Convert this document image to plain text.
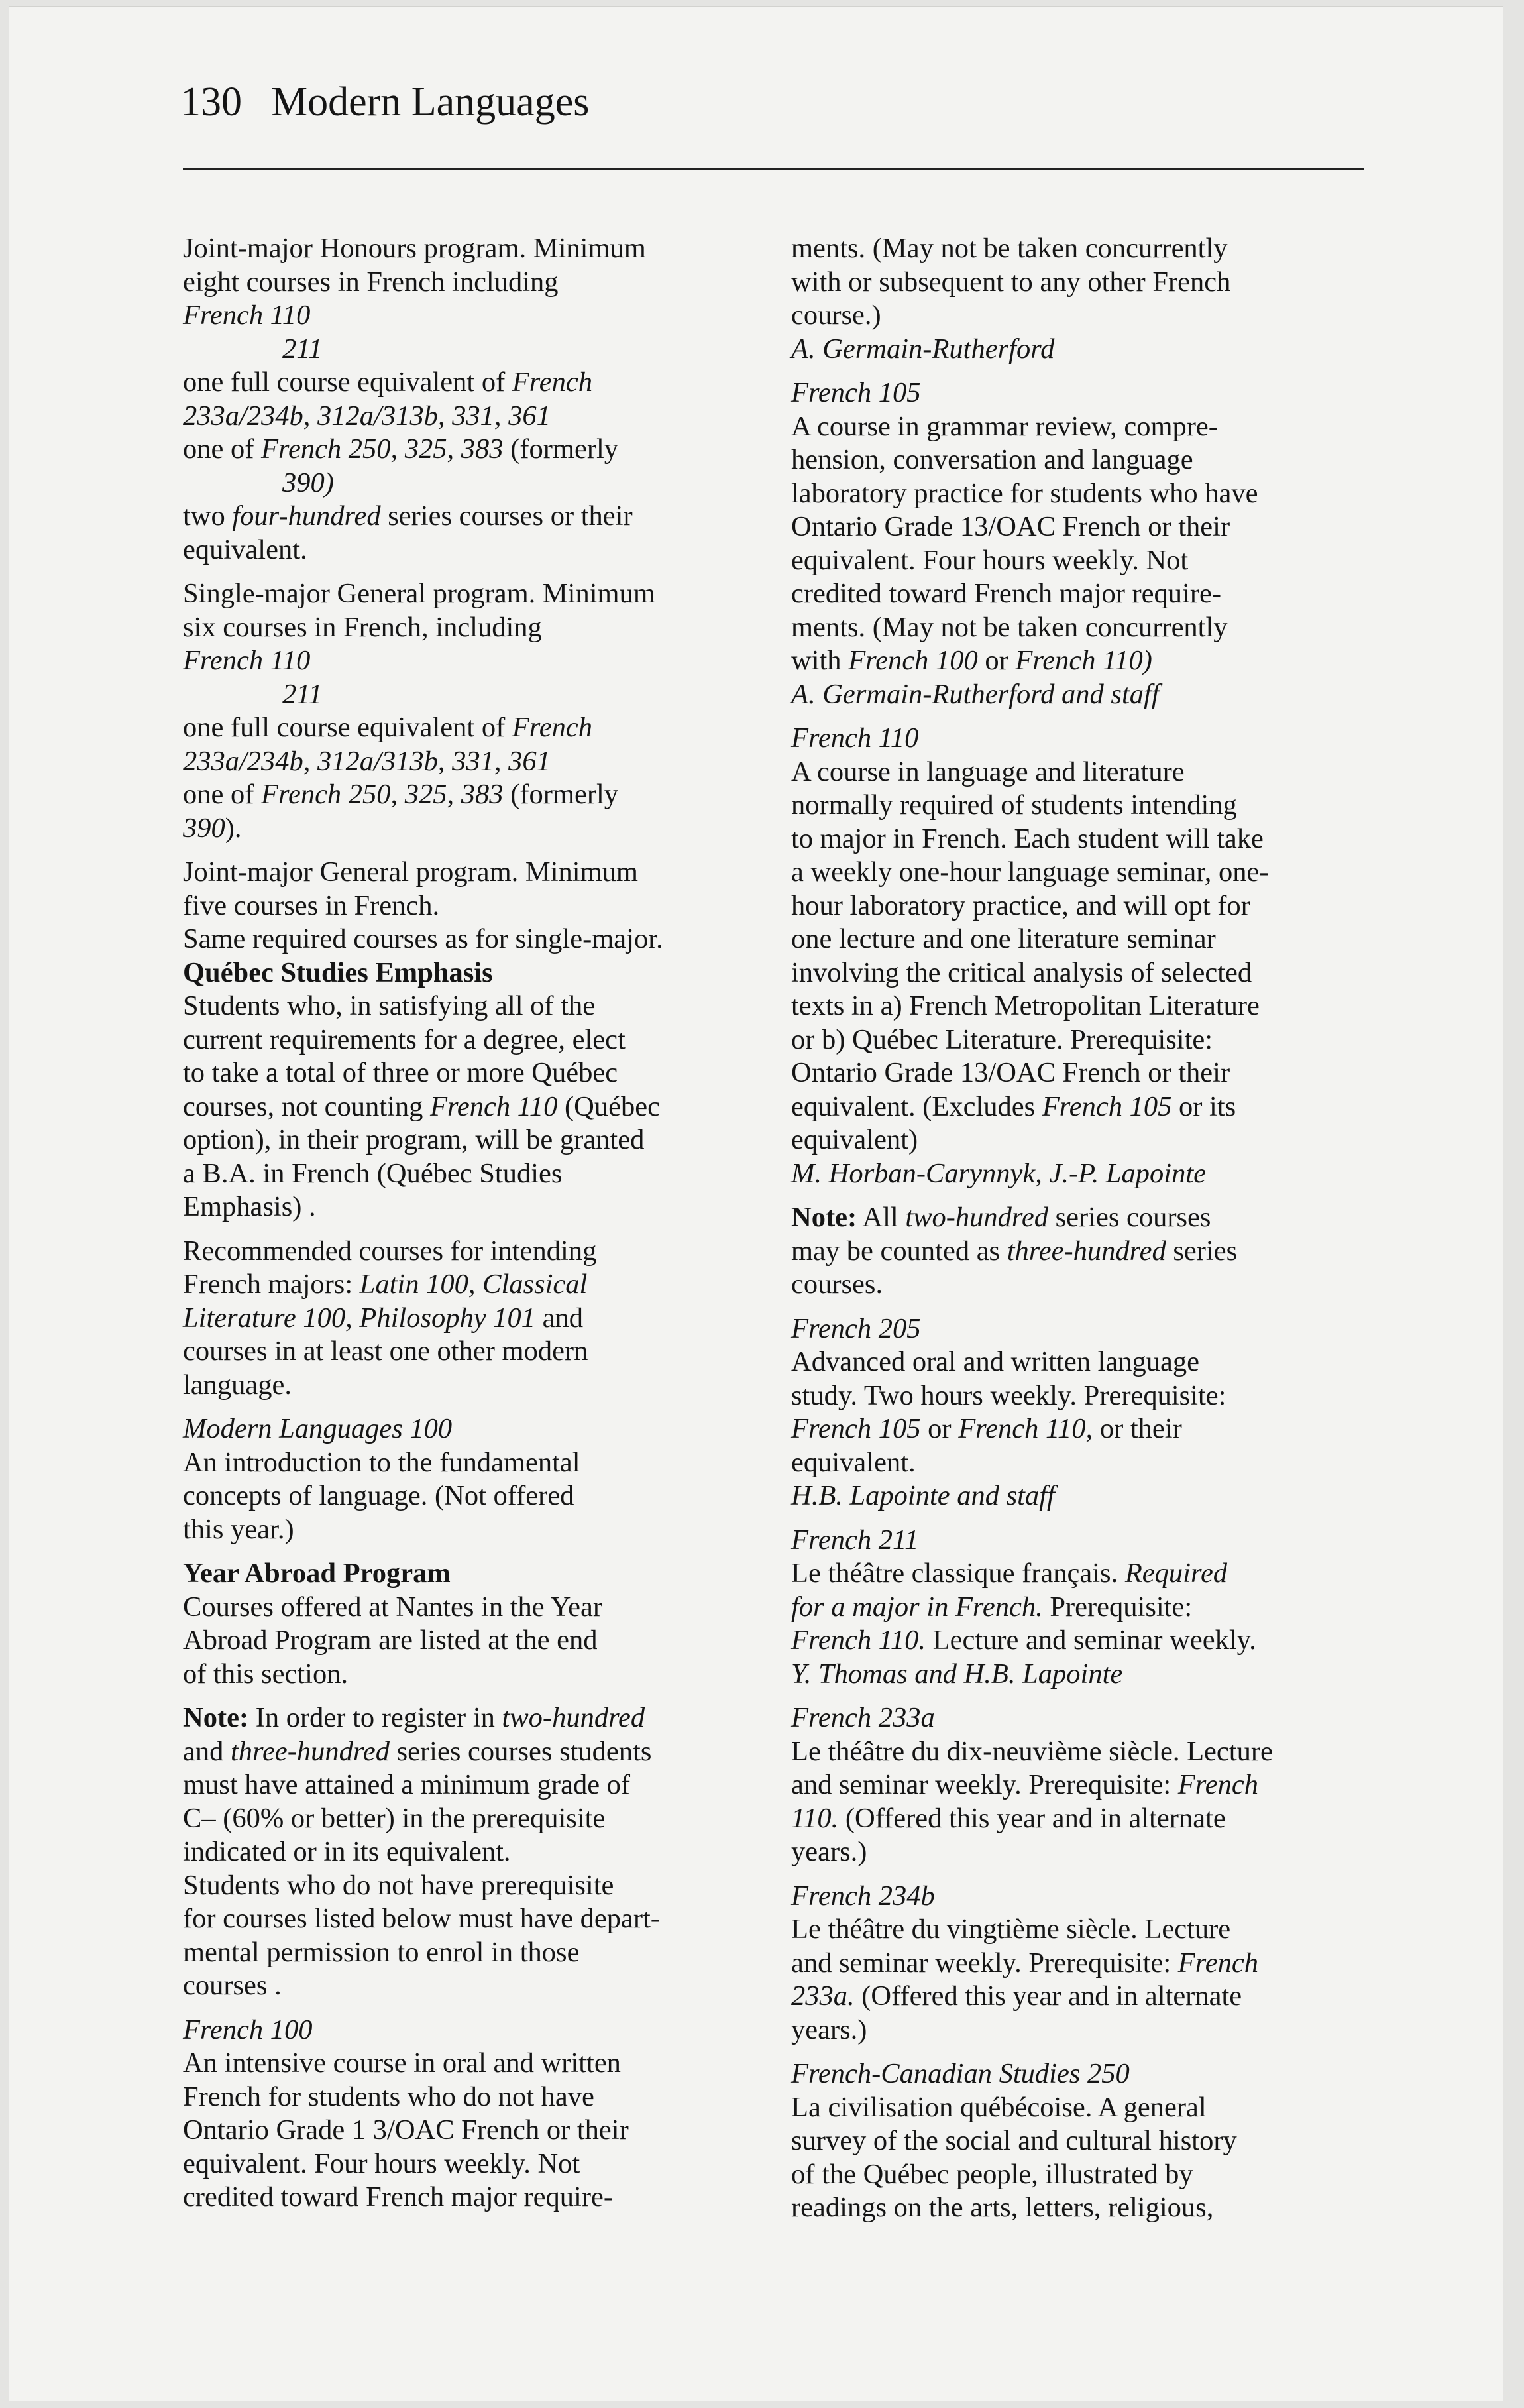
130 Modern Languages

Joint-major Honours program. Minimum
eight courses in French including
French 110
211
one full course equivalent of French
233a/234b, 312a/313b, 331, 361
one of French 250, 325, 383 (formerly
390)
two four-hundred series courses or their
equivalent.

Single-major General program. Minimum
six courses in French, including
French 110
211
one full course equivalent of French
233a/234b, 312a/313b, 331, 361
one of French 250, 325, 383 (formerly
390).

Joint-major General program. Minimum
five courses in French.
Same required courses as for single-major.
Québec Studies Emphasis
Students who, in satisfying all of the
current requirements for a degree, elect
to take a total of three or more Québec
courses, not counting French 110 (Québec
option), in their program, will be granted
a B.A. in French (Québec Studies
Emphasis) .

Recommended courses for intending
French majors: Latin 100, Classical
Literature 100, Philosophy 101 and
courses in at least one other modern
language.

Modern Languages 100
An introduction to the fundamental
concepts of language. (Not offered
this year.)

Year Abroad Program
Courses offered at Nantes in the Year
Abroad Program are listed at the end
of this section.

Note: In order to register in two-hundred
and three-hundred series courses students
must have attained a minimum grade of
C– (60% or better) in the prerequisite
indicated or in its equivalent.
Students who do not have prerequisite
for courses listed below must have depart-
mental permission to enrol in those
courses .

French 100
An intensive course in oral and written
French for students who do not have
Ontario Grade 1 3/OAC French or their
equivalent. Four hours weekly. Not
credited toward French major require-

ments. (May not be taken concurrently
with or subsequent to any other French
course.)
A. Germain-Rutherford

French 105
A course in grammar review, compre-
hension, conversation and language
laboratory practice for students who have
Ontario Grade 13/OAC French or their
equivalent. Four hours weekly. Not
credited toward French major require-
ments. (May not be taken concurrently
with French 100 or French 110)
A. Germain-Rutherford and staff

French 110
A course in language and literature
normally required of students intending
to major in French. Each student will take
a weekly one-hour language seminar, one-
hour laboratory practice, and will opt for
one lecture and one literature seminar
involving the critical analysis of selected
texts in a) French Metropolitan Literature
or b) Québec Literature. Prerequisite:
Ontario Grade 13/OAC French or their
equivalent. (Excludes French 105 or its
equivalent)
M. Horban-Carynnyk, J.-P. Lapointe

Note: All two-hundred series courses
may be counted as three-hundred series
courses.

French 205
Advanced oral and written language
study. Two hours weekly. Prerequisite:
French 105 or French 110, or their
equivalent.
H.B. Lapointe and staff

French 211
Le théâtre classique français. Required
for a major in French. Prerequisite:
French 110. Lecture and seminar weekly.
Y. Thomas and H.B. Lapointe

French 233a
Le théâtre du dix-neuvième siècle. Lecture
and seminar weekly. Prerequisite: French
110. (Offered this year and in alternate
years.)

French 234b
Le théâtre du vingtième siècle. Lecture
and seminar weekly. Prerequisite: French
233a. (Offered this year and in alternate
years.)

French-Canadian Studies 250
La civilisation québécoise. A general
survey of the social and cultural history
of the Québec people, illustrated by
readings on the arts, letters, religious,
